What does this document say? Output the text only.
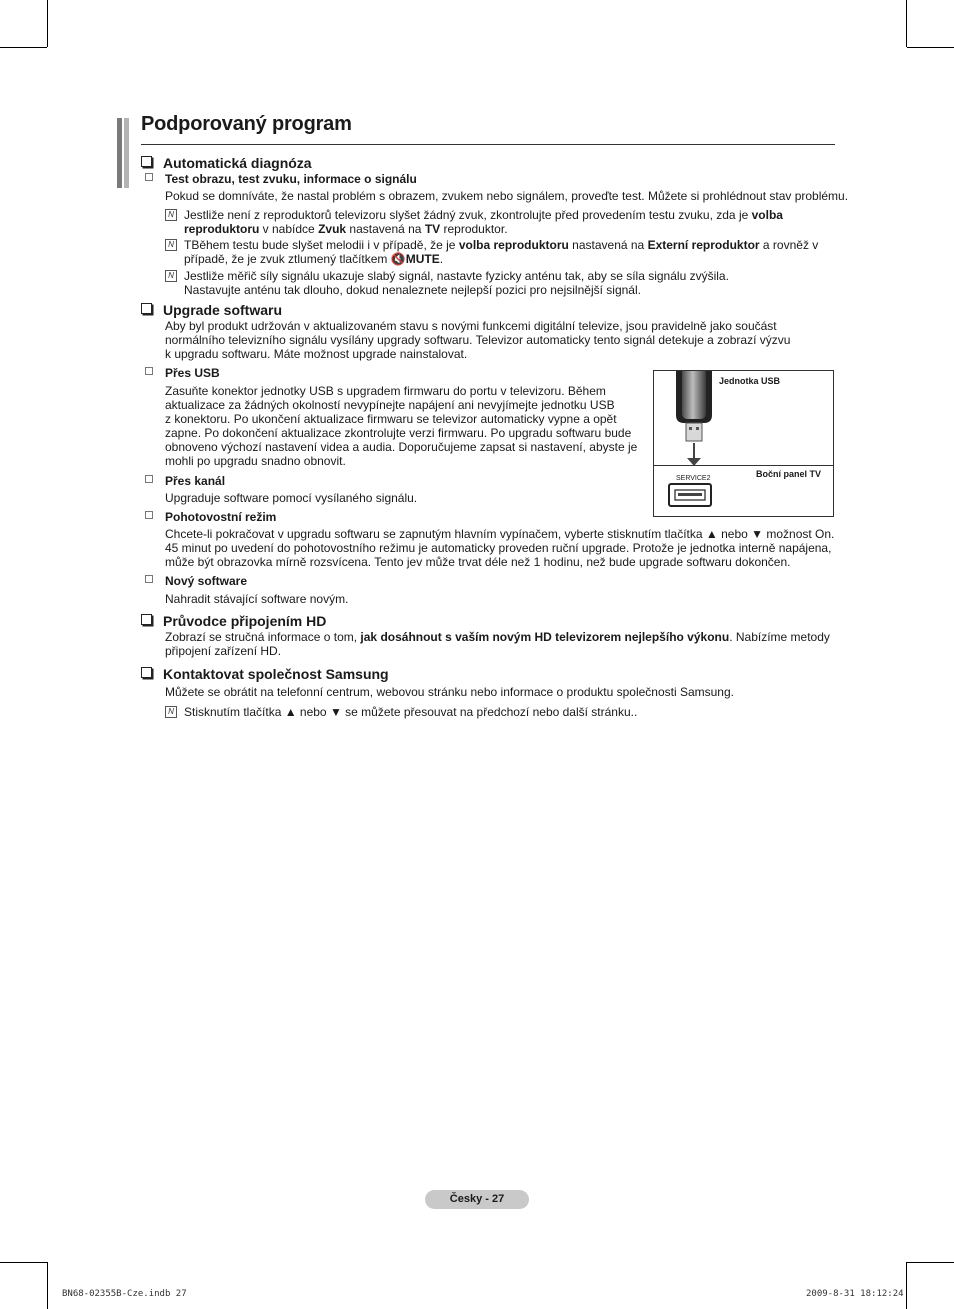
Podporovaný program
Automatická diagnóza
Test obrazu, test zvuku, informace o signálu

Pokud se domníváte, že nastal problém s obrazem, zvukem nebo signálem, proveďte test. Můžete si prohlédnout stav problému.

N Jestliže není z reproduktorů televizoru slyšet žádný zvuk, zkontrolujte před provedením testu zvuku, zda je volba
reproduktoru v nabídce Zvuk nastavená na TV reproduktor.

N TBěhem testu bude slyšet melodii i v případě, že je volba reproduktoru nastavená na Externí reproduktor a rovněž v
případě, že je zvuk ztlumený tlačítkem 🔇MUTE.

N Jestliže měřič síly signálu ukazuje slabý signál, nastavte fyzicky anténu tak, aby se síla signálu zvýšila.
Nastavujte anténu tak dlouho, dokud nenaleznete nejlepší pozici pro nejsilnější signál.

Upgrade softwaru

Aby byl produkt udržován v aktualizovaném stavu s novými funkcemi digitální televize, jsou pravidelně jako součást
normálního televizního signálu vysílány upgrady softwaru. Televizor automaticky tento signál detekuje a zobrazí výzvu
k upgradu softwaru. Máte možnost upgrade nainstalovat.

Přes USB

Zasuňte konektor jednotky USB s upgradem firmwaru do portu v televizoru. Během
aktualizace za žádných okolností nevypínejte napájení ani nevyjímejte jednotku USB
z konektoru. Po ukončení aktualizace firmwaru se televizor automaticky vypne a opět
zapne. Po dokončení aktualizace zkontrolujte verzi firmwaru. Po upgradu softwaru bude
obnoveno výchozí nastavení videa a audia. Doporučujeme zapsat si nastavení, abyste je
mohli po upgradu snadno obnovit.

Přes kanál

Upgraduje software pomocí vysílaného signálu.

Pohotovostní režim

Chcete-li pokračovat v upgradu softwaru se zapnutým hlavním vypínačem, vyberte stisknutím tlačítka ▲ nebo ▼ možnost On.
45 minut po uvedení do pohotovostního režimu je automaticky proveden ruční upgrade. Protože je jednotka interně napájena,
může být obrazovka mírně rozsvícena. Tento jev může trvat déle než 1 hodinu, než bude upgrade softwaru dokončen.

Nový software

Nahradit stávající software novým.

Průvodce připojením HD

Zobrazí se stručná informace o tom, jak dosáhnout s vaším novým HD televizorem nejlepšího výkonu. Nabízíme metody
připojení zařízení HD.

Kontaktovat společnost Samsung

Můžete se obrátit na telefonní centrum, webovou stránku nebo informace o produktu společnosti Samsung.

N Stisknutím tlačítka ▲ nebo ▼ se můžete přesouvat na předchozí nebo další stránku..

SERVICE2
Jednotka USB
Boční panel TV
Česky - 27
BN68-02355B-Cze.indb 27	2009-8-31 18:12:24
